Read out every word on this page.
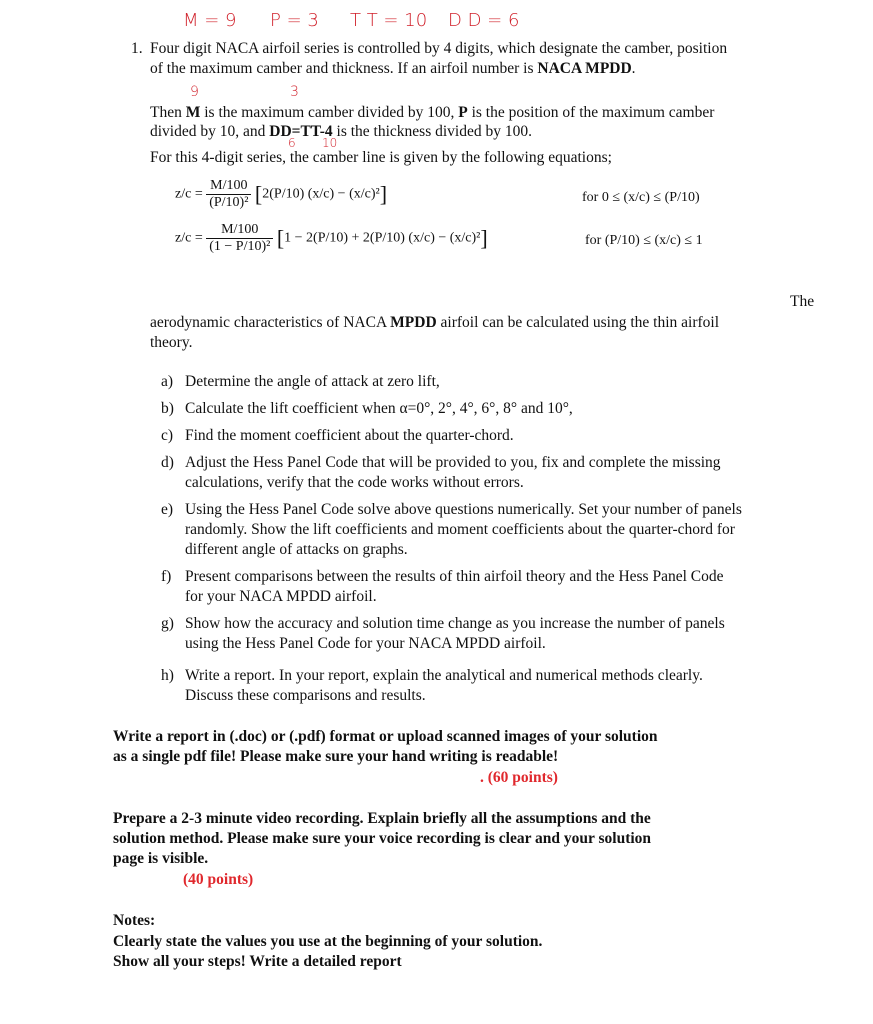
M = 9 P = 3 T T = 10 D D = 6
1. Four digit NACA airfoil series is controlled by 4 digits, which designate the camber, position
of the maximum camber and thickness. If an airfoil number is NACA MPDD.
9	3
Then M is the maximum camber divided by 100, P is the position of the maximum camber
divided by 10, and DD=TT-4 is the thickness divided by 100.
6 10
For this 4-digit series, the camber line is given by the following equations;
$z/c = \frac{M/100}{\text{(P/10)²}} [2(P/10) (x/c) - (x/c)^2]$	for 0 ≤ (x/c) ≤ (P/10)
$z/c = \frac{M/100}{\text{(1 − P/10)²}} [1 - 2(P/10) + 2(P/10) (x/c) - (x/c)^2]$	for (P/10) ≤ (x/c) ≤ 1
The
aerodynamic characteristics of NACA MPDD airfoil can be calculated using the thin airfoil
theory.
a) Determine the angle of attack at zero lift,
b) Calculate the lift coefficient when α=0°, 2°, 4°, 6°, 8° and 10°,
c) Find the moment coefficient about the quarter-chord.
d) Adjust the Hess Panel Code that will be provided to you, fix and complete the missing
calculations, verify that the code works without errors.
e) Using the Hess Panel Code solve above questions numerically. Set your number of panels
randomly. Show the lift coefficients and moment coefficients about the quarter-chord for
different angle of attacks on graphs.
f) Present comparisons between the results of thin airfoil theory and the Hess Panel Code
for your NACA MPDD airfoil.
g) Show how the accuracy and solution time change as you increase the number of panels
using the Hess Panel Code for your NACA MPDD airfoil.
h) Write a report. In your report, explain the analytical and numerical methods clearly.
Discuss these comparisons and results.
Write a report in (.doc) or (.pdf) format or upload scanned images of your solution
as a single pdf file! Please make sure your hand writing is readable!
. (60 points)
Prepare a 2-3 minute video recording. Explain briefly all the assumptions and the
solution method. Please make sure your voice recording is clear and your solution
page is visible.
(40 points)
Notes:
Clearly state the values you use at the beginning of your solution.
Show all your steps! Write a detailed report
